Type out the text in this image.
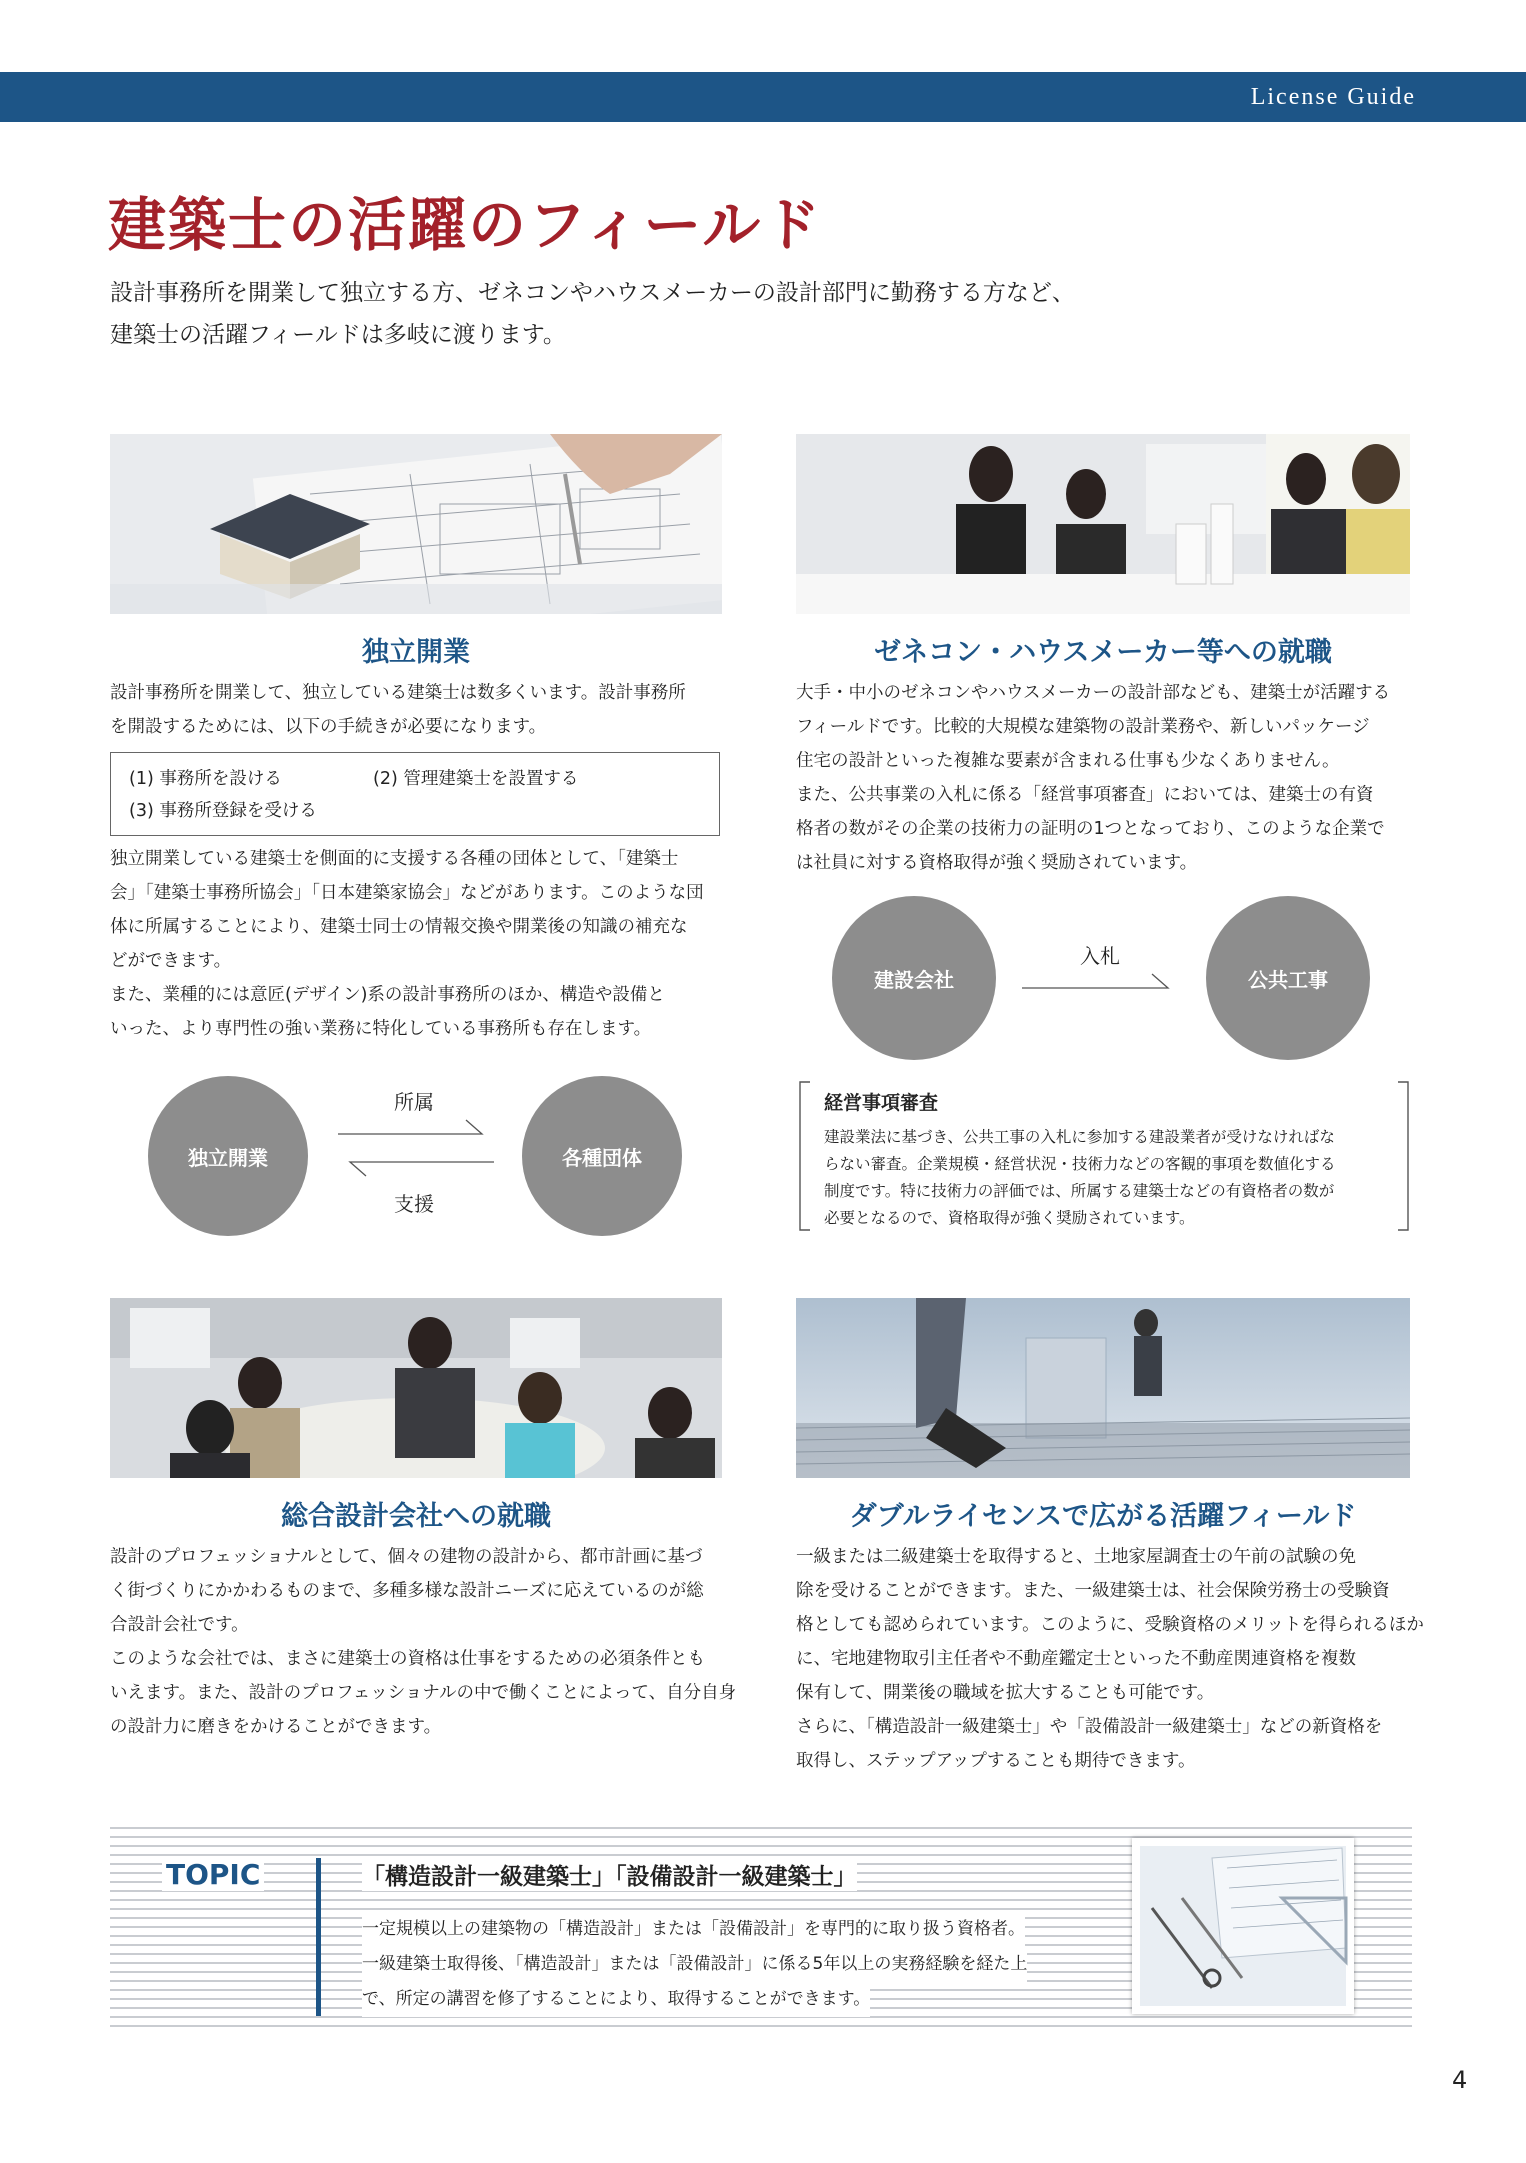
License Guide
建築士の活躍のフィールド
設計事務所を開業して独立する方、ゼネコンやハウスメーカーの設計部門に勤務する方など、
建築士の活躍フィールドは多岐に渡ります。
独立開業
設計事務所を開業して、独立している建築士は数多くいます。設計事務所
を開設するためには、以下の手続きが必要になります。
(1) 事務所を設ける	(2) 管理建築士を設置する
(3) 事務所登録を受ける
独立開業している建築士を側面的に支援する各種の団体として、「建築士
会」「建築士事務所協会」「日本建築家協会」などがあります。このような団
体に所属することにより、建築士同士の情報交換や開業後の知識の補充な
どができます。
また、業種的には意匠(デザイン)系の設計事務所のほか、構造や設備と
いった、より専門性の強い業務に特化している事務所も存在します。
独立開業	各種団体
所属
支援
ゼネコン・ハウスメーカー等への就職
大手・中小のゼネコンやハウスメーカーの設計部なども、建築士が活躍する
フィールドです。比較的大規模な建築物の設計業務や、新しいパッケージ
住宅の設計といった複雑な要素が含まれる仕事も少なくありません。
また、公共事業の入札に係る「経営事項審査」においては、建築士の有資
格者の数がその企業の技術力の証明の1つとなっており、このような企業で
は社員に対する資格取得が強く奨励されています。
建設会社	公共工事
入札
経営事項審査
建設業法に基づき、公共工事の入札に参加する建設業者が受けなければな
らない審査。企業規模・経営状況・技術力などの客観的事項を数値化する
制度です。特に技術力の評価では、所属する建築士などの有資格者の数が
必要となるので、資格取得が強く奨励されています。
総合設計会社への就職
設計のプロフェッショナルとして、個々の建物の設計から、都市計画に基づ
く街づくりにかかわるものまで、多種多様な設計ニーズに応えているのが総
合設計会社です。
このような会社では、まさに建築士の資格は仕事をするための必須条件とも
いえます。また、設計のプロフェッショナルの中で働くことによって、自分自身
の設計力に磨きをかけることができます。
ダブルライセンスで広がる活躍フィールド
一級または二級建築士を取得すると、土地家屋調査士の午前の試験の免
除を受けることができます。また、一級建築士は、社会保険労務士の受験資
格としても認められています。このように、受験資格のメリットを得られるほか
に、宅地建物取引主任者や不動産鑑定士といった不動産関連資格を複数
保有して、開業後の職域を拡大することも可能です。
さらに、「構造設計一級建築士」や「設備設計一級建築士」などの新資格を
取得し、ステップアップすることも期待できます。
TOPIC	「構造設計一級建築士」「設備設計一級建築士」
一定規模以上の建築物の「構造設計」または「設備設計」を専門的に取り扱う資格者。
一級建築士取得後、「構造設計」または「設備設計」に係る5年以上の実務経験を経た上
で、所定の講習を修了することにより、取得することができます。
4
